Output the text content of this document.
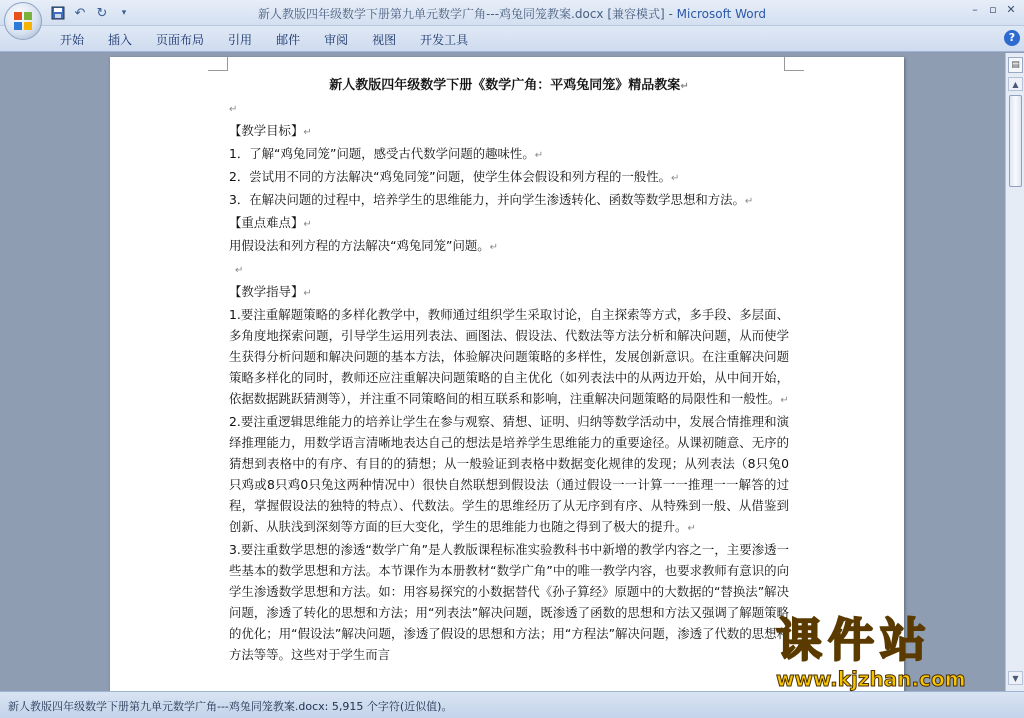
↶ ↻	▾	新人教版四年级数学下册第九单元数学广角---鸡兔同笼教案.docx [兼容模式] - Microsoft Word	–	▫ ✕
开始	插入	页面布局	引用	邮件	审阅	视图	开发工具	?
新人教版四年级数学下册《数学广角：平鸡兔同笼》精品教案↵

↵

【教学目标】↵

1．了解“鸡兔同笼”问题，感受古代数学问题的趣味性。↵

2．尝试用不同的方法解决“鸡兔同笼”问题，使学生体会假设和列方程的一般性。↵

3．在解决问题的过程中，培养学生的思维能力，并向学生渗透转化、函数等数学思想和方法。↵

【重点难点】↵

用假设法和列方程的方法解决“鸡兔同笼”问题。↵

↵

【教学指导】↵

1.要注重解题策略的多样化教学中，教师通过组织学生采取讨论，自主探索等方式，多手段、多层面、多角度地探索问题，引导学生运用列表法、画图法、假设法、代数法等方法分析和解决问题，从而使学生获得分析问题和解决问题的基本方法，体验解决问题策略的多样性，发展创新意识。在注重解决问题策略多样化的同时，教师还应注重解决问题策略的自主优化（如列表法中的从两边开始，从中间开始，依据数据跳跃猜测等），并注重不同策略间的相互联系和影响，注重解决问题策略的局限性和一般性。↵

2.要注重逻辑思维能力的培养让学生在参与观察、猜想、证明、归纳等数学活动中，发展合情推理和演绎推理能力，用数学语言清晰地表达自己的想法是培养学生思维能力的重要途径。从课初随意、无序的猜想到表格中的有序、有目的的猜想；从一般验证到表格中数据变化规律的发现；从列表法（8只兔0只鸡或8只鸡0只兔这两种情况中）很快自然联想到假设法（通过假设一一计算一一推理一一解答的过程，掌握假设法的独特的特点）、代数法。学生的思维经历了从无序到有序、从特殊到一般、从借鉴到创新、从肤浅到深刻等方面的巨大变化，学生的思维能力也随之得到了极大的提升。↵

3.要注重数学思想的渗透“数学广角”是人教版课程标准实验教科书中新增的教学内容之一，主要渗透一些基本的数学思想和方法。本节课作为本册教材“数学广角”中的唯一教学内容，也要求教师有意识的向学生渗透数学思想和方法。如：用容易探究的小数据替代《孙子算经》原题中的大数据的“替换法”解决问题，渗透了转化的思想和方法；用“列表法”解决问题，既渗透了函数的思想和方法又强调了解题策略的优化；用“假设法”解决问题，渗透了假设的思想和方法；用“方程法”解决问题，渗透了代数的思想和方法等等。这些对于学生而言

▤
▲
▼
新人教版四年级数学下册第九单元数学广角---鸡兔同笼教案.docx: 5,915 个字符(近似值)。
课件站
www.kjzhan.com
